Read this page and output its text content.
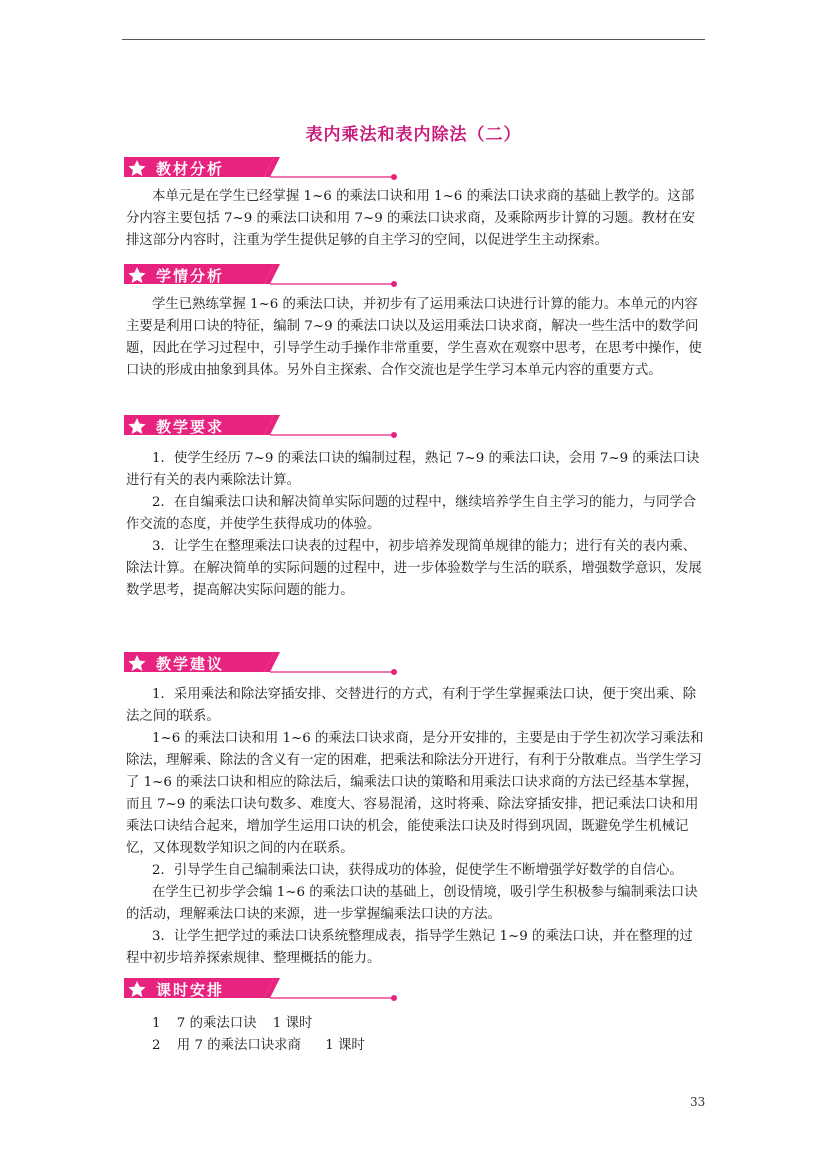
表内乘法和表内除法（二）
教材分析

本单元是在学生已经掌握 1~6 的乘法口诀和用 1~6 的乘法口诀求商的基础上教学的。这部分内容主要包括 7~9 的乘法口诀和用 7~9 的乘法口诀求商，及乘除两步计算的习题。教材在安排这部分内容时，注重为学生提供足够的自主学习的空间，以促进学生主动探索。

学情分析

学生已熟练掌握 1~6 的乘法口诀，并初步有了运用乘法口诀进行计算的能力。本单元的内容主要是利用口诀的特征，编制 7~9 的乘法口诀以及运用乘法口诀求商，解决一些生活中的数学问题，因此在学习过程中，引导学生动手操作非常重要，学生喜欢在观察中思考，在思考中操作，使口诀的形成由抽象到具体。另外自主探索、合作交流也是学生学习本单元内容的重要方式。

教学要求

1．使学生经历 7~9 的乘法口诀的编制过程，熟记 7~9 的乘法口诀，会用 7~9 的乘法口诀进行有关的表内乘除法计算。

2．在自编乘法口诀和解决简单实际问题的过程中，继续培养学生自主学习的能力，与同学合作交流的态度，并使学生获得成功的体验。

3．让学生在整理乘法口诀表的过程中，初步培养发现简单规律的能力；进行有关的表内乘、除法计算。在解决简单的实际问题的过程中，进一步体验数学与生活的联系，增强数学意识，发展数学思考，提高解决实际问题的能力。

教学建议

1．采用乘法和除法穿插安排、交替进行的方式，有利于学生掌握乘法口诀，便于突出乘、除法之间的联系。

1~6 的乘法口诀和用 1~6 的乘法口诀求商，是分开安排的，主要是由于学生初次学习乘法和除法，理解乘、除法的含义有一定的困难，把乘法和除法分开进行，有利于分散难点。当学生学习了 1~6 的乘法口诀和相应的除法后，编乘法口诀的策略和用乘法口诀求商的方法已经基本掌握，而且 7~9 的乘法口诀句数多、难度大、容易混淆，这时将乘、除法穿插安排，把记乘法口诀和用乘法口诀结合起来，增加学生运用口诀的机会，能使乘法口诀及时得到巩固，既避免学生机械记忆，又体现数学知识之间的内在联系。

2．引导学生自己编制乘法口诀，获得成功的体验，促使学生不断增强学好数学的自信心。

在学生已初步学会编 1~6 的乘法口诀的基础上，创设情境，吸引学生积极参与编制乘法口诀的活动，理解乘法口诀的来源，进一步掌握编乘法口诀的方法。

3．让学生把学过的乘法口诀系统整理成表，指导学生熟记 1~9 的乘法口诀，并在整理的过程中初步培养探索规律、整理概括的能力。

课时安排
1 7 的乘法口诀 1 课时
2 用 7 的乘法口诀求商 1 课时
33
